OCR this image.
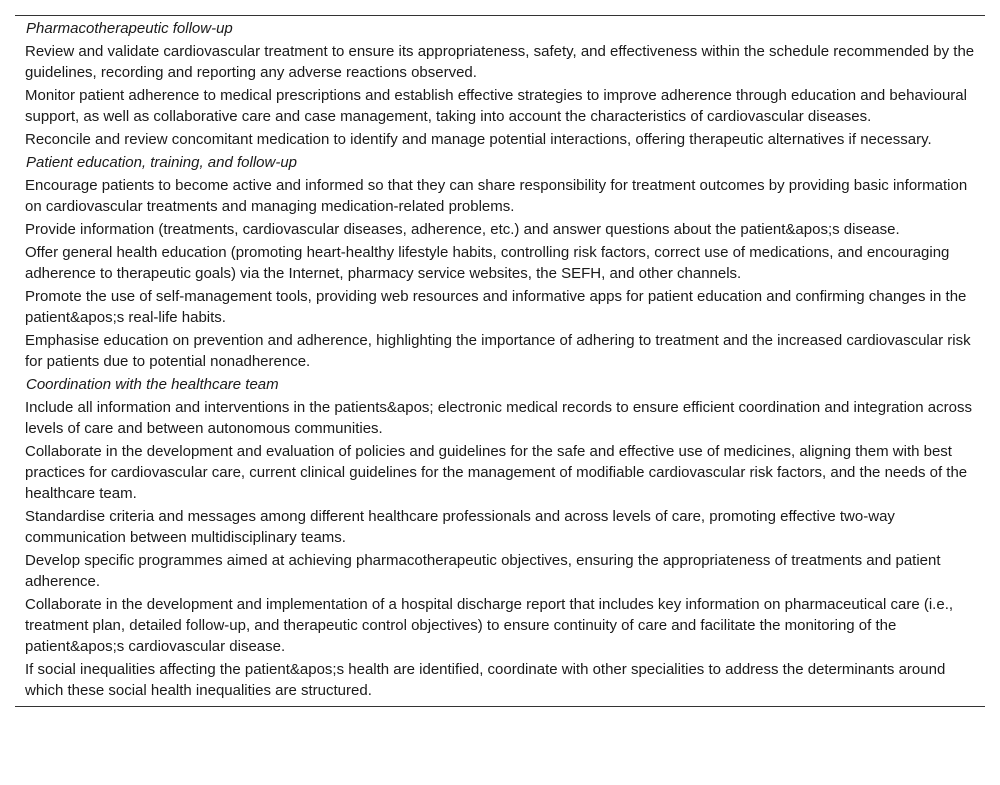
Pharmacotherapeutic follow-up
Review and validate cardiovascular treatment to ensure its appropriateness, safety, and effectiveness within the schedule recommended by the guidelines, recording and reporting any adverse reactions observed.
Monitor patient adherence to medical prescriptions and establish effective strategies to improve adherence through education and behavioural support, as well as collaborative care and case management, taking into account the characteristics of cardiovascular diseases.
Reconcile and review concomitant medication to identify and manage potential interactions, offering therapeutic alternatives if necessary.
Patient education, training, and follow-up
Encourage patients to become active and informed so that they can share responsibility for treatment outcomes by providing basic information on cardiovascular treatments and managing medication-related problems.
Provide information (treatments, cardiovascular diseases, adherence, etc.) and answer questions about the patient&apos;s disease.
Offer general health education (promoting heart-healthy lifestyle habits, controlling risk factors, correct use of medications, and encouraging adherence to therapeutic goals) via the Internet, pharmacy service websites, the SEFH, and other channels.
Promote the use of self-management tools, providing web resources and informative apps for patient education and confirming changes in the patient&apos;s real-life habits.
Emphasise education on prevention and adherence, highlighting the importance of adhering to treatment and the increased cardiovascular risk for patients due to potential nonadherence.
Coordination with the healthcare team
Include all information and interventions in the patients&apos; electronic medical records to ensure efficient coordination and integration across levels of care and between autonomous communities.
Collaborate in the development and evaluation of policies and guidelines for the safe and effective use of medicines, aligning them with best practices for cardiovascular care, current clinical guidelines for the management of modifiable cardiovascular risk factors, and the needs of the healthcare team.
Standardise criteria and messages among different healthcare professionals and across levels of care, promoting effective two-way communication between multidisciplinary teams.
Develop specific programmes aimed at achieving pharmacotherapeutic objectives, ensuring the appropriateness of treatments and patient adherence.
Collaborate in the development and implementation of a hospital discharge report that includes key information on pharmaceutical care (i.e., treatment plan, detailed follow-up, and therapeutic control objectives) to ensure continuity of care and facilitate the monitoring of the patient&apos;s cardiovascular disease.
If social inequalities affecting the patient&apos;s health are identified, coordinate with other specialities to address the determinants around which these social health inequalities are structured.
